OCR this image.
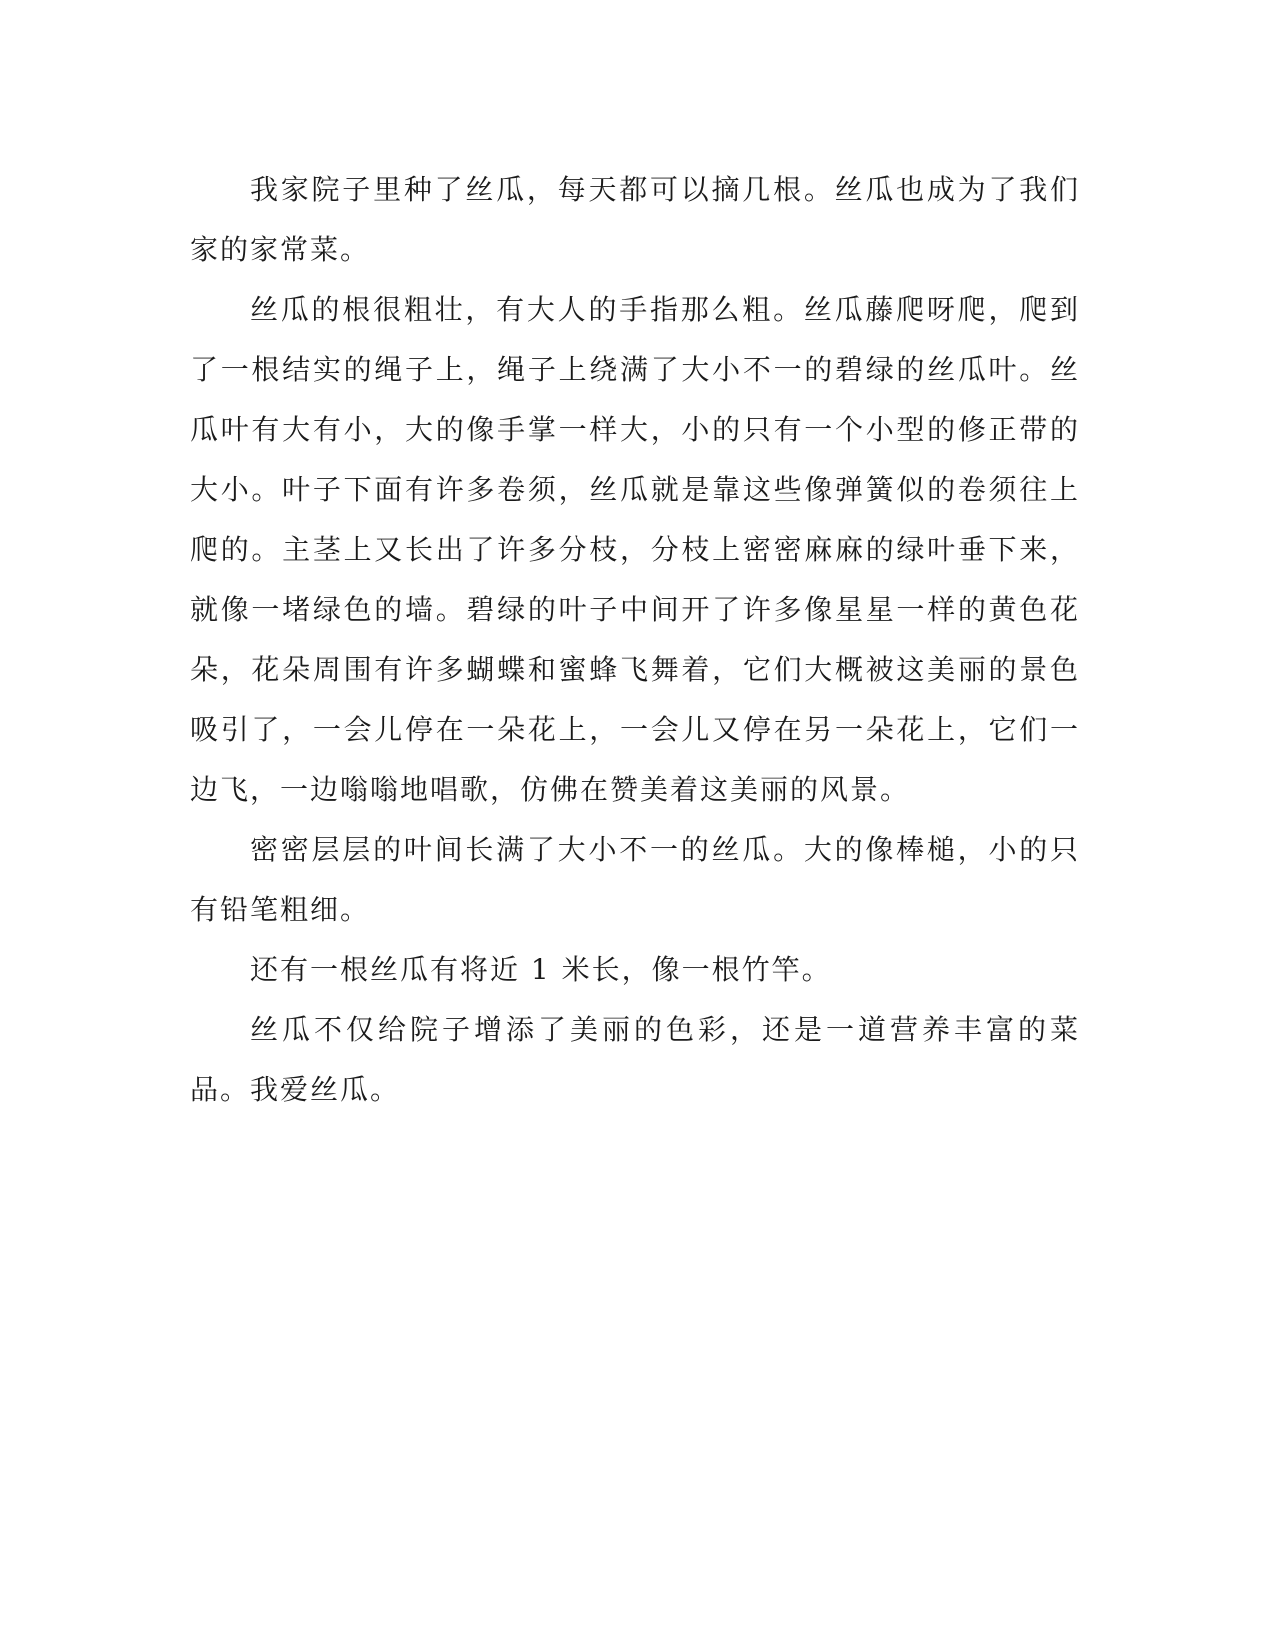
我家院子里种了丝瓜，每天都可以摘几根。丝瓜也成为了我们家的家常菜。

丝瓜的根很粗壮，有大人的手指那么粗。丝瓜藤爬呀爬，爬到了一根结实的绳子上，绳子上绕满了大小不一的碧绿的丝瓜叶。丝瓜叶有大有小，大的像手掌一样大，小的只有一个小型的修正带的大小。叶子下面有许多卷须，丝瓜就是靠这些像弹簧似的卷须往上爬的。主茎上又长出了许多分枝，分枝上密密麻麻的绿叶垂下来，就像一堵绿色的墙。碧绿的叶子中间开了许多像星星一样的黄色花朵，花朵周围有许多蝴蝶和蜜蜂飞舞着，它们大概被这美丽的景色吸引了，一会儿停在一朵花上，一会儿又停在另一朵花上，它们一边飞，一边嗡嗡地唱歌，仿佛在赞美着这美丽的风景。

密密层层的叶间长满了大小不一的丝瓜。大的像棒槌，小的只有铅笔粗细。

还有一根丝瓜有将近 1 米长，像一根竹竿。

丝瓜不仅给院子增添了美丽的色彩，还是一道营养丰富的菜品。我爱丝瓜。
